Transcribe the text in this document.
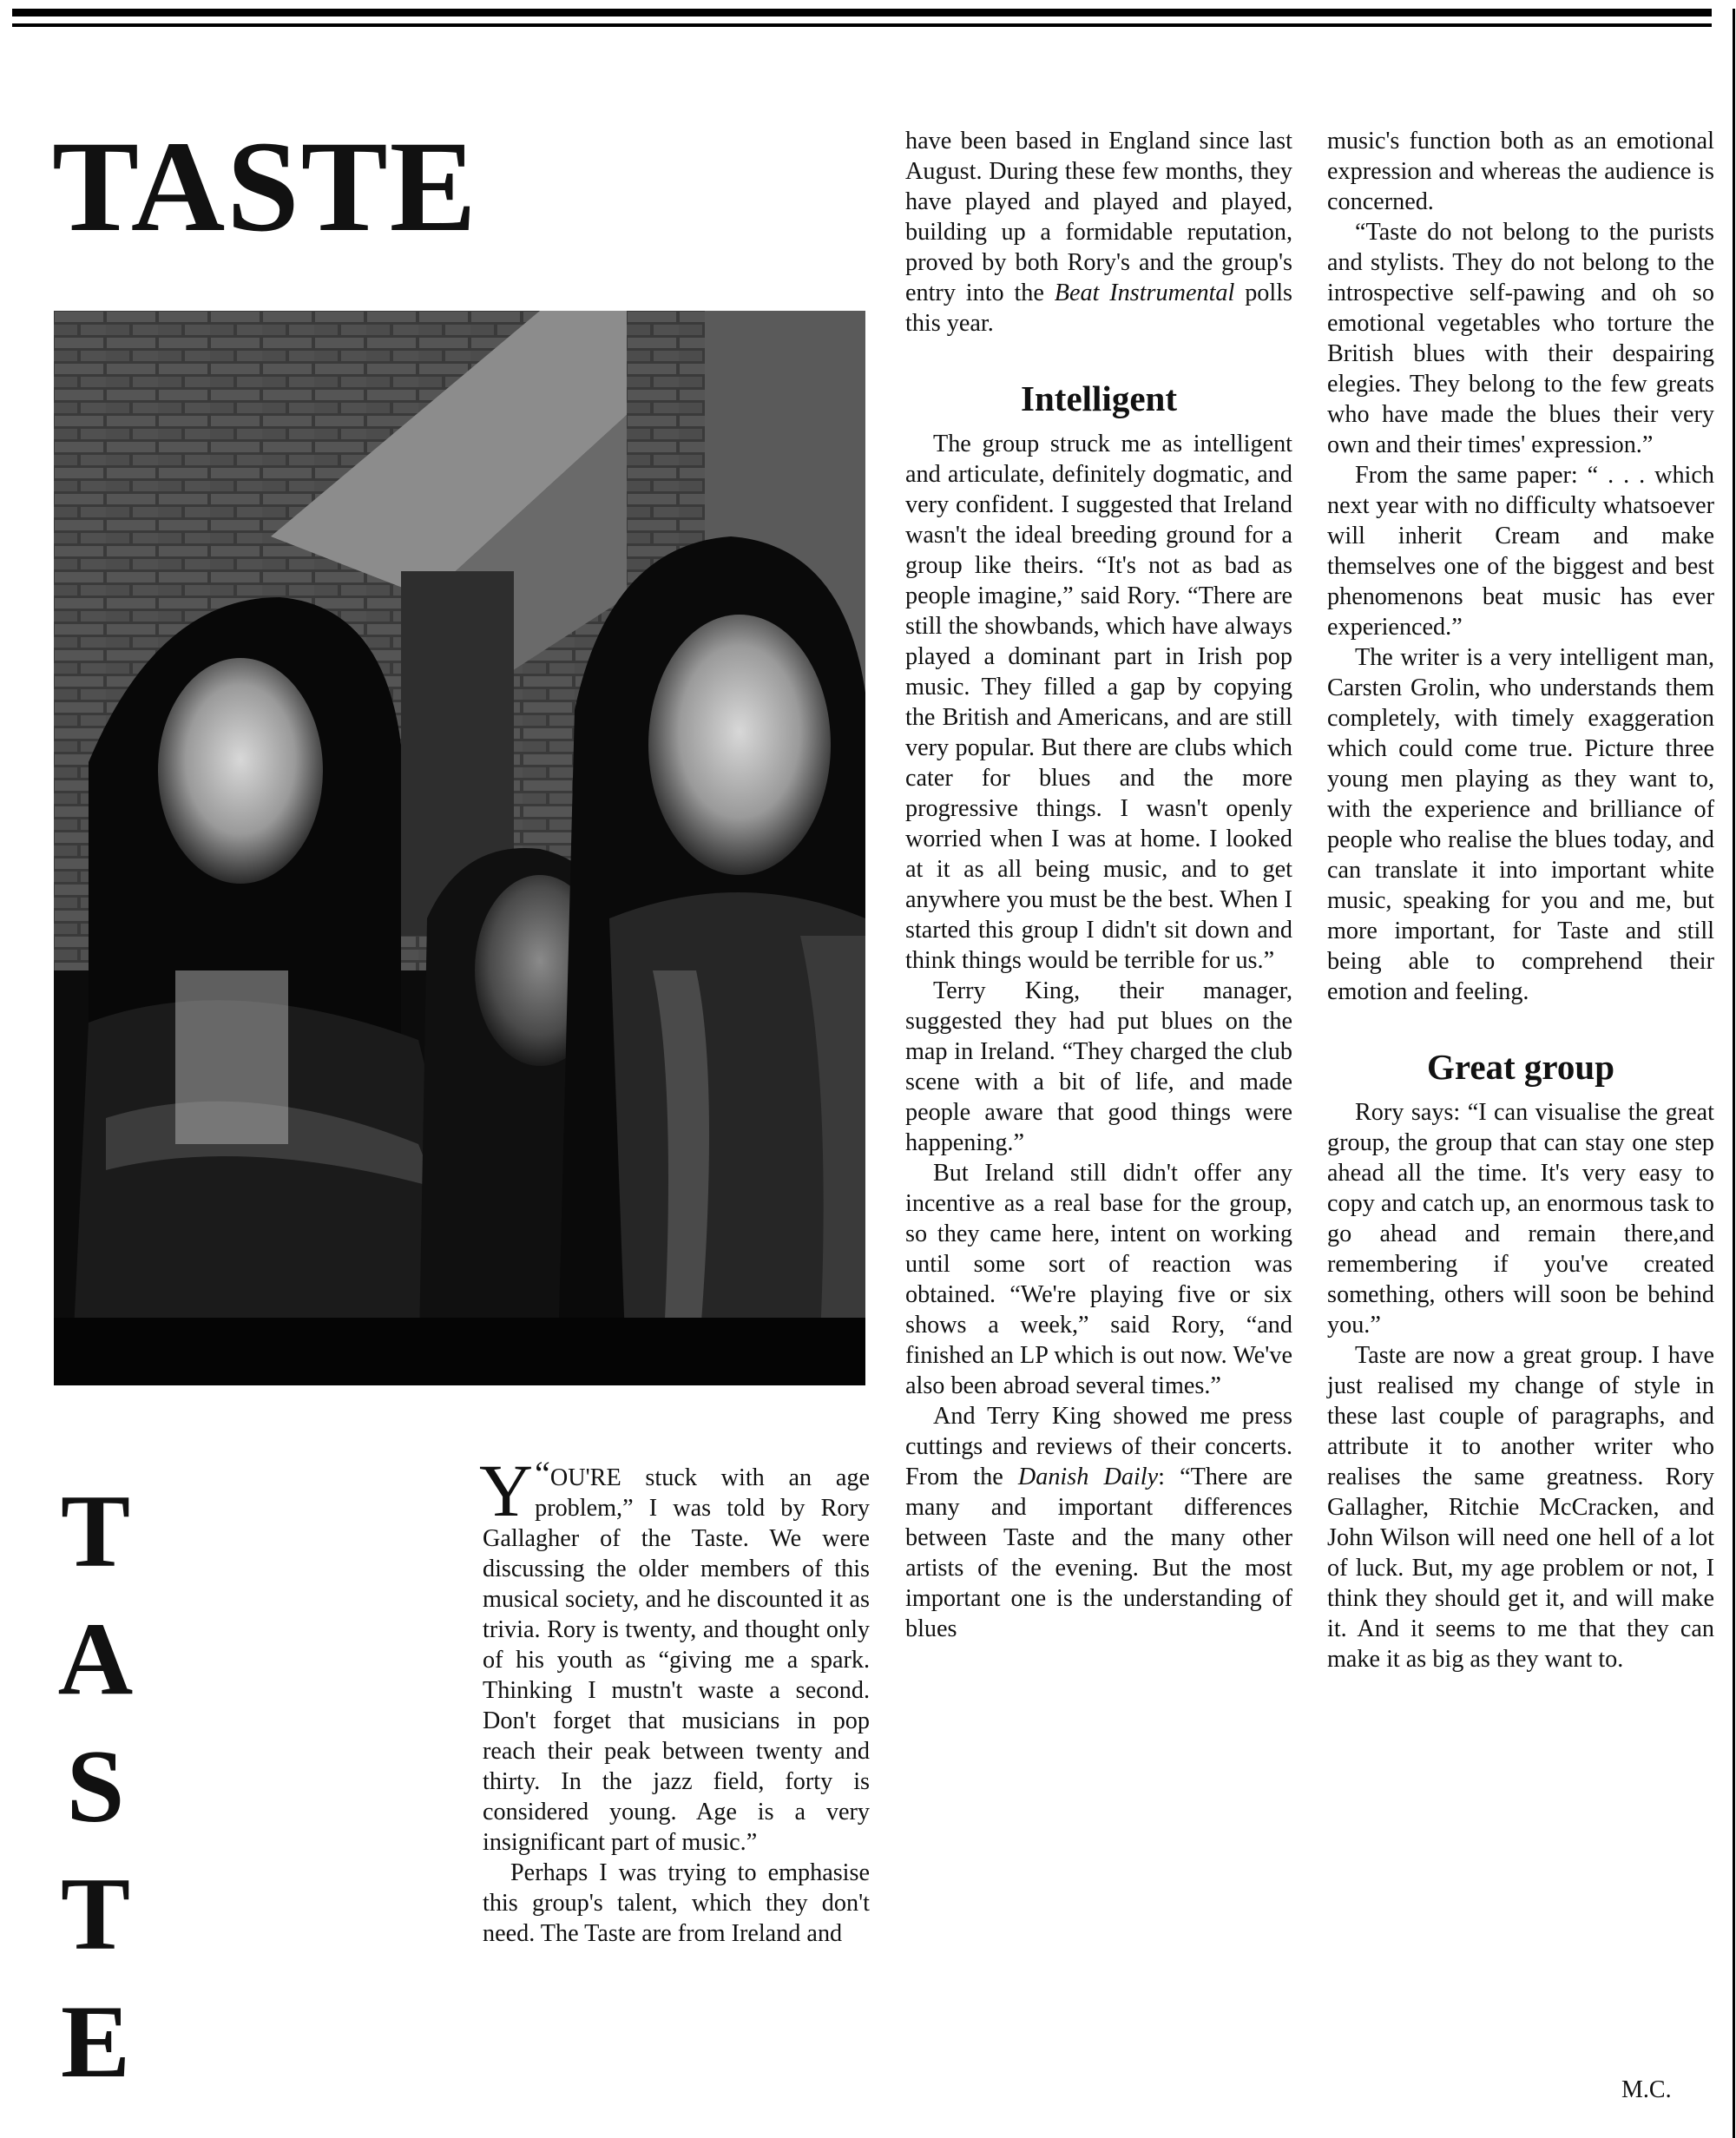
TASTE
T
A
S
T
E

“
Y OU'RE stuck with an age problem,” I was told by Rory Gallagher of the Taste. We were discussing the older members of this musical society, and he discounted it as trivia. Rory is twenty, and thought only of his youth as “giving me a spark. Thinking I mustn't waste a second. Don't forget that musicians in pop reach their peak between twenty and thirty. In the jazz field, forty is considered young. Age is a very insignificant part of music.”

Perhaps I was trying to emphasise this group's talent, which they don't need. The Taste are from Ireland and

have been based in England since last August. During these few months, they have played and played and played, building up a formidable reputation, proved by both Rory's and the group's entry into the Beat Instrumental polls this year.

Intelligent

The group struck me as intelligent and articulate, definitely dogmatic, and very confident. I suggested that Ireland wasn't the ideal breeding ground for a group like theirs. “It's not as bad as people imagine,” said Rory. “There are still the showbands, which have always played a dominant part in Irish pop music. They filled a gap by copying the British and Americans, and are still very popular. But there are clubs which cater for blues and the more progressive things. I wasn't openly worried when I was at home. I looked at it as all being music, and to get anywhere you must be the best. When I started this group I didn't sit down and think things would be terrible for us.”

Terry King, their manager, suggested they had put blues on the map in Ireland. “They charged the club scene with a bit of life, and made people aware that good things were happening.”

But Ireland still didn't offer any incentive as a real base for the group, so they came here, intent on working until some sort of reaction was obtained. “We're playing five or six shows a week,” said Rory, “and finished an LP which is out now. We've also been abroad several times.”

And Terry King showed me press cuttings and reviews of their concerts. From the Danish Daily: “There are many and important differences between Taste and the many other artists of the evening. But the most important one is the understanding of blues

music's function both as an emotional expression and whereas the audience is concerned.

“Taste do not belong to the purists and stylists. They do not belong to the introspective self-pawing and oh so emotional vegetables who torture the British blues with their despairing elegies. They belong to the few greats who have made the blues their very own and their times' expression.”

From the same paper: “ . . . which next year with no difficulty whatsoever will inherit Cream and make themselves one of the biggest and best phenomenons beat music has ever experienced.”

The writer is a very intelligent man, Carsten Grolin, who understands them completely, with timely exaggeration which could come true. Picture three young men playing as they want to, with the experience and brilliance of people who realise the blues today, and can translate it into important white music, speaking for you and me, but more important, for Taste and still being able to comprehend their emotion and feeling.

Great group

Rory says: “I can visualise the great group, the group that can stay one step ahead all the time. It's very easy to copy and catch up, an enormous task to go ahead and remain there,and remembering if you've created something, others will soon be behind you.”

Taste are now a great group. I have just realised my change of style in these last couple of paragraphs, and attribute it to another writer who realises the same greatness. Rory Gallagher, Ritchie McCracken, and John Wilson will need one hell of a lot of luck. But, my age problem or not, I think they should get it, and will make it. And it seems to me that they can make it as big as they want to.

M.C.
